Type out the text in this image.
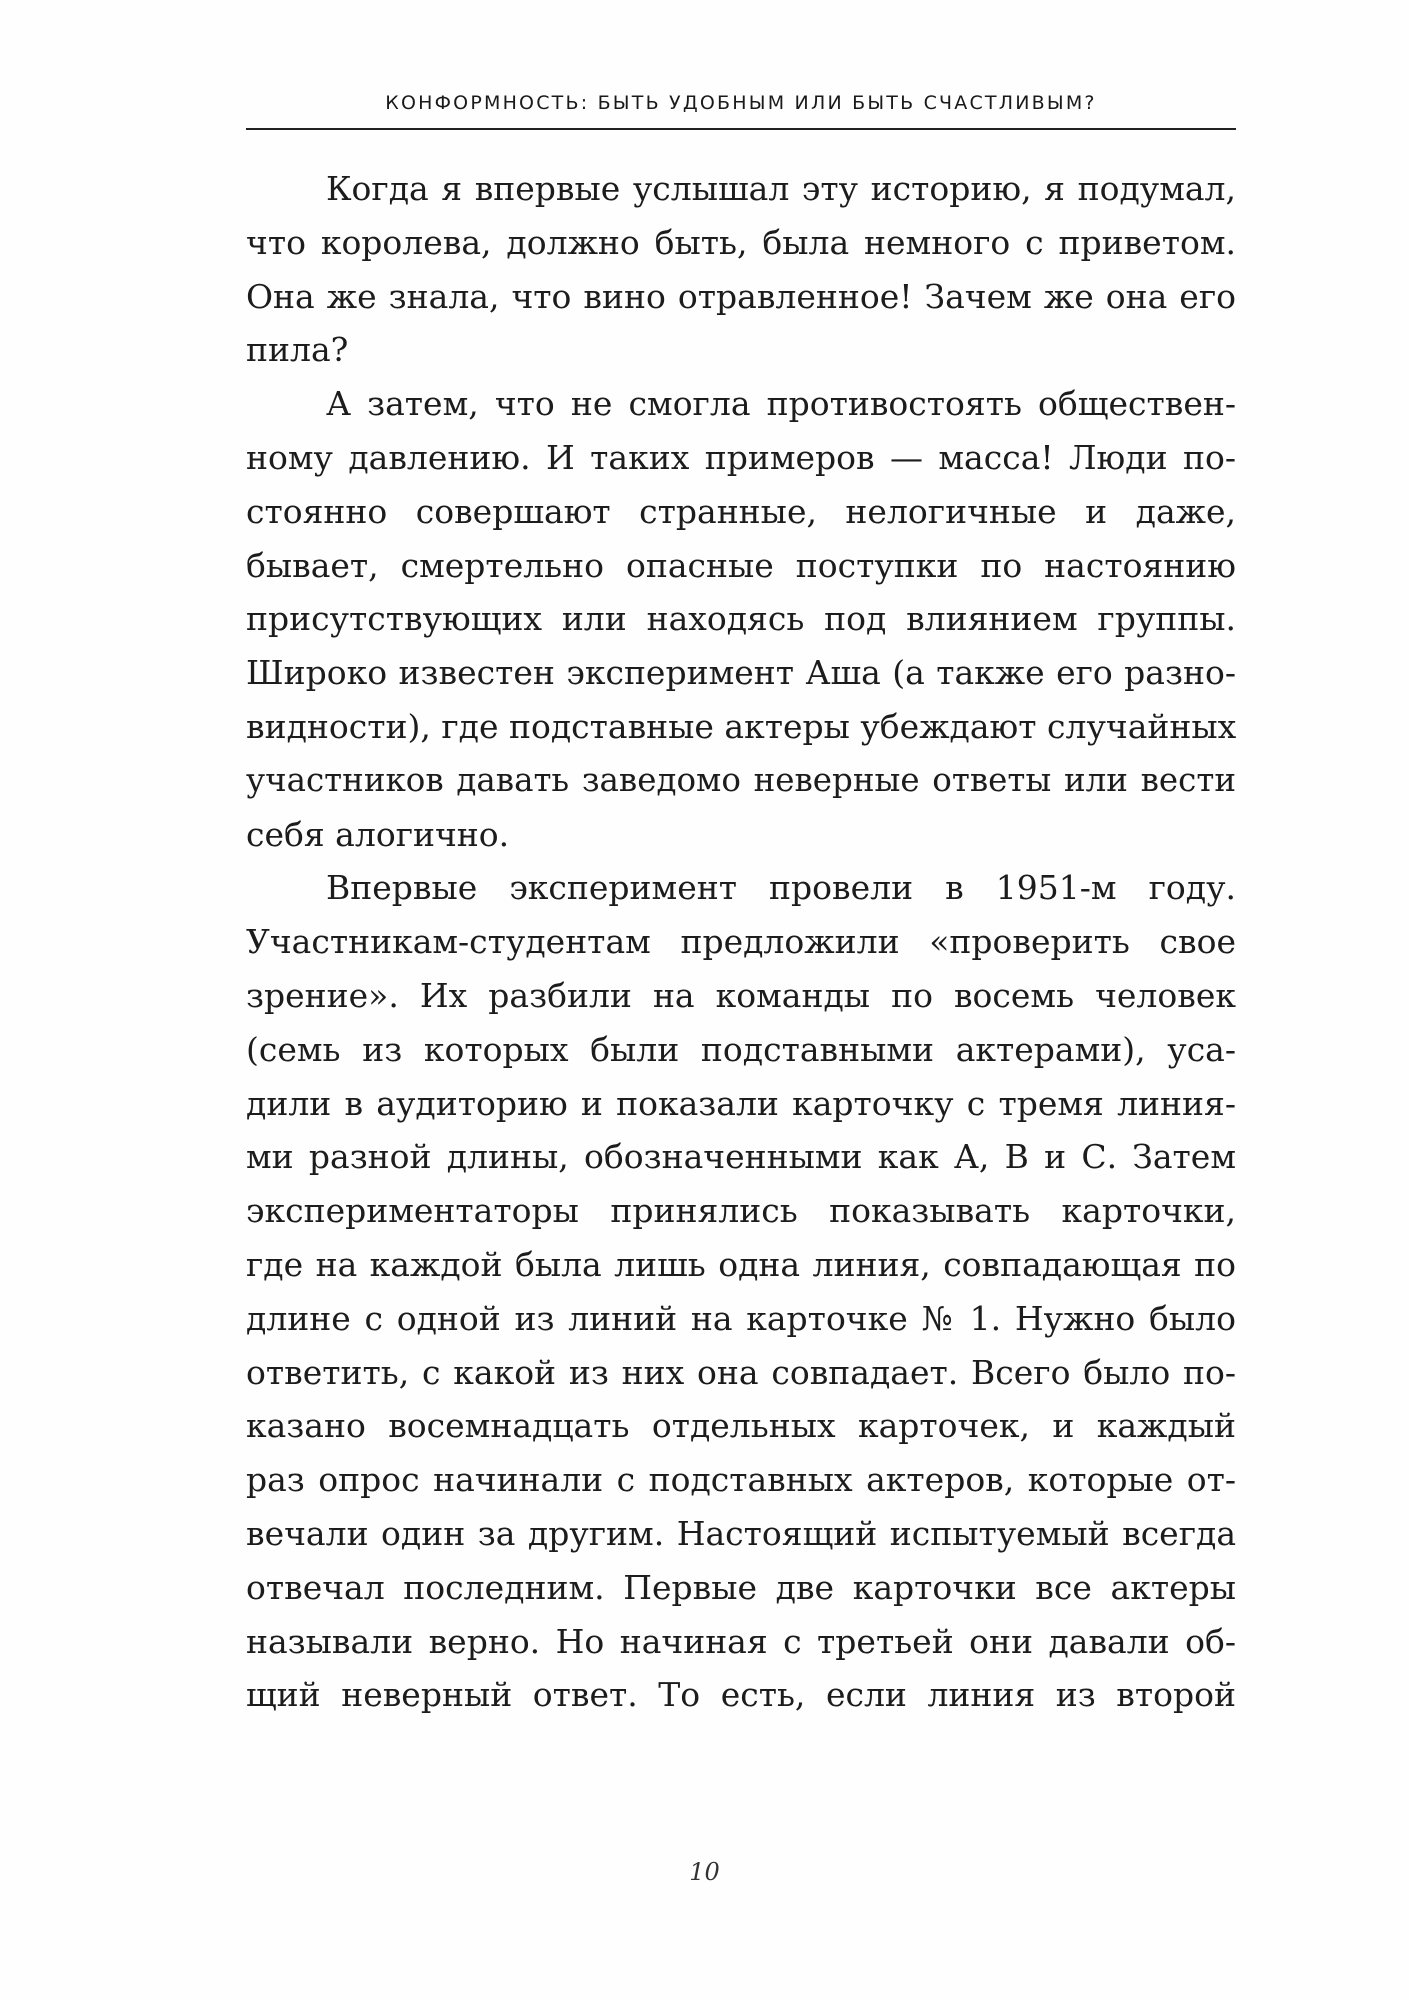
КОНФОРМНОСТЬ: БЫТЬ УДОБНЫМ ИЛИ БЫТЬ СЧАСТЛИВЫМ?
Когда я впервые услышал эту историю, я подумал,
что королева, должно быть, была немного с приветом.
Она же знала, что вино отравленное! Зачем же она его
пила?
А затем, что не смогла противостоять обществен-
ному давлению. И таких примеров — масса! Люди по-
стоянно совершают странные, нелогичные и даже,
бывает, смертельно опасные поступки по настоянию
присутствующих или находясь под влиянием группы.
Широко известен эксперимент Аша (а также его разно-
видности), где подставные актеры убеждают случайных
участников давать заведомо неверные ответы или вести
себя алогично.
Впервые эксперимент провели в 1951-м году.
Участникам-студентам предложили «проверить свое
зрение». Их разбили на команды по восемь человек
(семь из которых были подставными актерами), уса-
дили в аудиторию и показали карточку с тремя линия-
ми разной длины, обозначенными как А, В и С. Затем
экспериментаторы принялись показывать карточки,
где на каждой была лишь одна линия, совпадающая по
длине с одной из линий на карточке № 1. Нужно было
ответить, с какой из них она совпадает. Всего было по-
казано восемнадцать отдельных карточек, и каждый
раз опрос начинали с подставных актеров, которые от-
вечали один за другим. Настоящий испытуемый всегда
отвечал последним. Первые две карточки все актеры
называли верно. Но начиная с третьей они давали об-
щий неверный ответ. То есть, если линия из второй
10
